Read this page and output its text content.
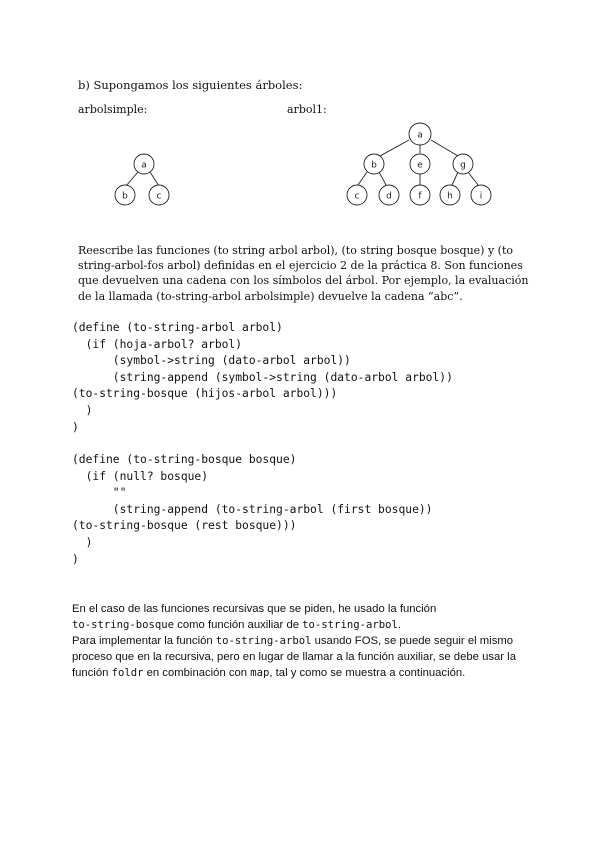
b) Supongamos los siguientes árboles:
arbolsimple:	arbol1:
a
b	c
a
b	e	g
c	d	f	h	i
Reescribe las funciones (to string arbol arbol), (to string bosque bosque) y (to
string-arbol-fos arbol) definidas en el ejercicio 2 de la práctica 8. Son funciones
que devuelven una cadena con los símbolos del árbol. Por ejemplo, la evaluación
de la llamada (to-string-arbol arbolsimple) devuelve la cadena “abc”.
(define (to-string-arbol arbol)
(if (hoja-arbol? arbol)
(symbol->string (dato-arbol arbol))
(string-append (symbol->string (dato-arbol arbol))
(to-string-bosque (hijos-arbol arbol)))
)
)
(define (to-string-bosque bosque)
(if (null? bosque)
""
(string-append (to-string-arbol (first bosque))
(to-string-bosque (rest bosque)))
)
)
En el caso de las funciones recursivas que se piden, he usado la función
to-string-bosque como función auxiliar de to-string-arbol.
Para implementar la función to-string-arbol usando FOS, se puede seguir el mismo
proceso que en la recursiva, pero en lugar de llamar a la función auxiliar, se debe usar la
función foldr en combinación con map, tal y como se muestra a continuación.
